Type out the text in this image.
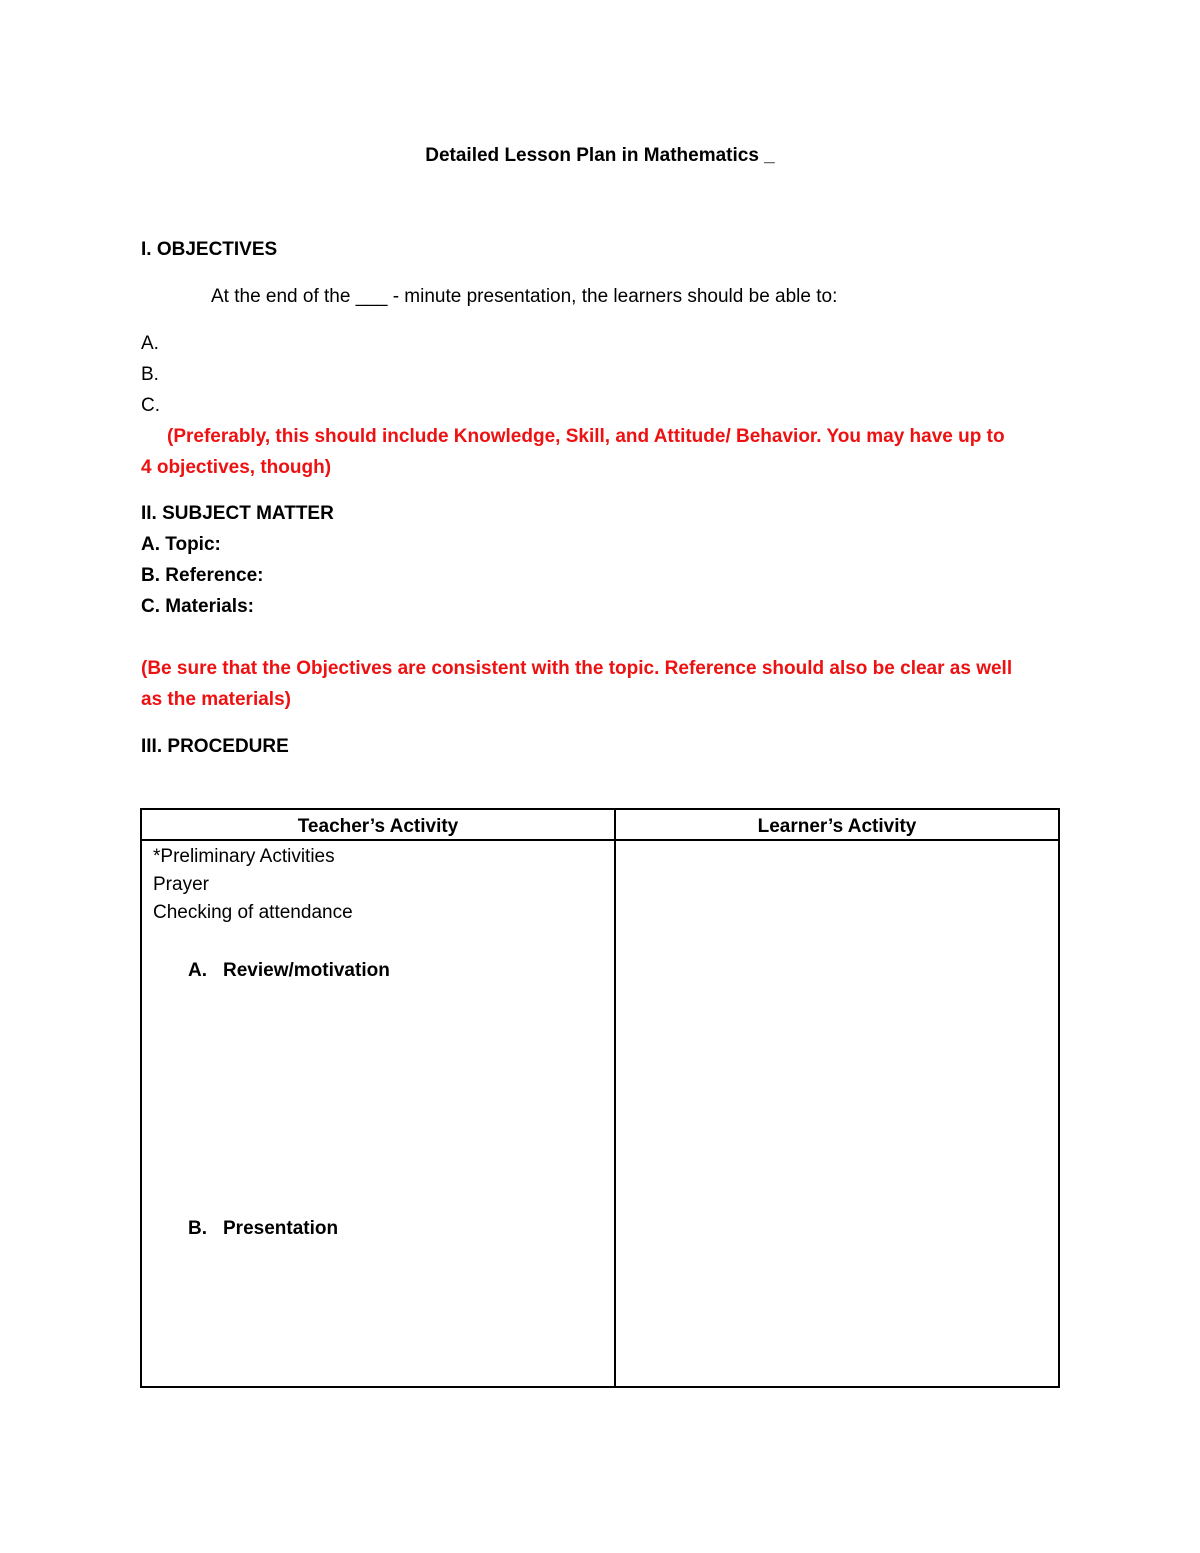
Detailed Lesson Plan in Mathematics _
I. OBJECTIVES
At the end of the ___ - minute presentation, the learners should be able to:
A.
B.
C.
(Preferably, this should include Knowledge, Skill, and Attitude/ Behavior. You may have up to
4 objectives, though)
II. SUBJECT MATTER
A. Topic:
B. Reference:
C. Materials:
(Be sure that the Objectives are consistent with the topic. Reference should also be clear as well
as the materials)
III. PROCEDURE
Teacher’s Activity	Learner’s Activity
*Preliminary Activities
Prayer
Checking of attendance
A. Review/motivation
B. Presentation
